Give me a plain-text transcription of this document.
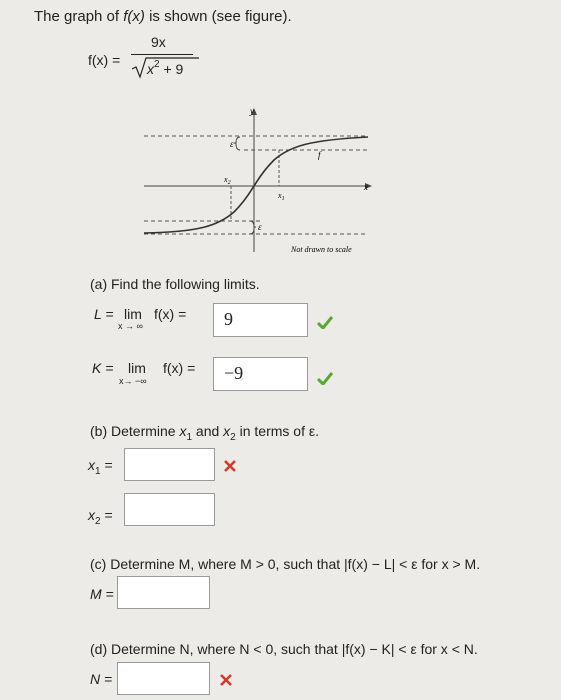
The graph of f(x) is shown (see figure).
f(x) =
9x
$x^2 + 9$
y
x
ε
ε
f
$x_1$
$x_2$
Not drawn to scale
(a) Find the following limits.
L = lim
x → ∞
f(x) = 9
K = lim
x→ −∞
f(x) = −9
(b) Determine $x_1$ and $x_2$ in terms of ε.
$x_1$ =
$x_2$ =
(c) Determine M, where M > 0, such that |f(x) − L| < ε for x > M.
M =
(d) Determine N, where N < 0, such that |f(x) − K| < ε for x < N.
N =
